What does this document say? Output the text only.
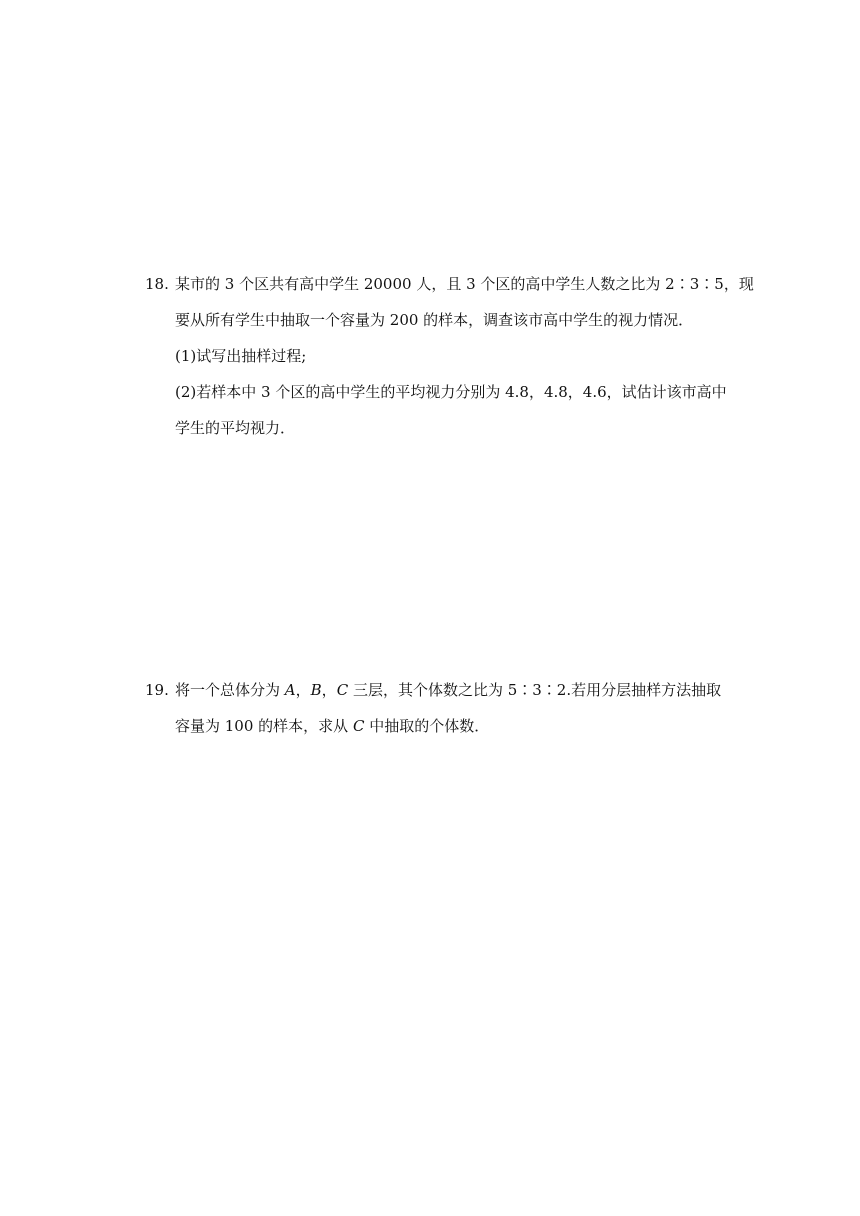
18. 某市的 3 个区共有高中学生 20000 人，且 3 个区的高中学生人数之比为 2∶3∶5，现
要从所有学生中抽取一个容量为 200 的样本，调查该市高中学生的视力情况．
(1)试写出抽样过程;
(2)若样本中 3 个区的高中学生的平均视力分别为 4.8，4.8，4.6，试估计该市高中
学生的平均视力．
19. 将一个总体分为 A，B，C 三层，其个体数之比为 5∶3∶2.若用分层抽样方法抽取
容量为 100 的样本，求从 C 中抽取的个体数．
